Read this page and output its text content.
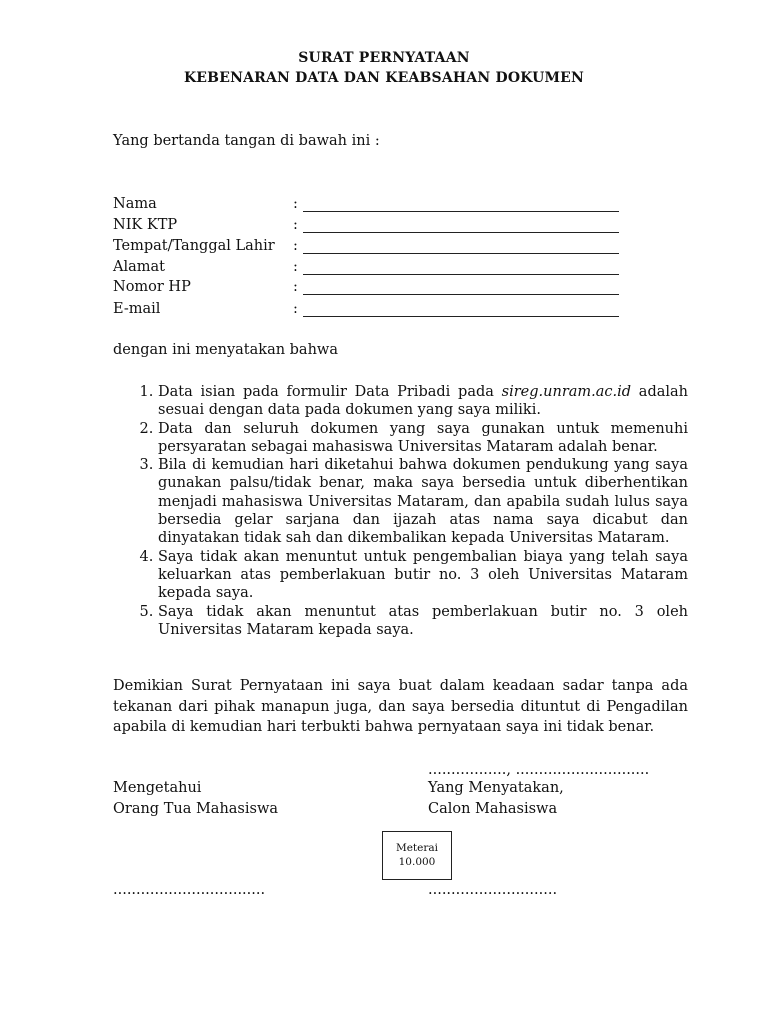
SURAT PERNYATAAN
KEBENARAN DATA DAN KEABSAHAN DOKUMEN
Yang bertanda tangan di bawah ini :
Nama	:
NIK KTP	:
Tempat/Tanggal Lahir :
Alamat	:
Nomor HP	:
E-mail	:
dengan ini menyatakan bahwa
1. Data isian pada formulir Data Pribadi pada sireg.unram.ac.id adalah sesuai dengan data pada dokumen yang saya miliki.
2. Data dan seluruh dokumen yang saya gunakan untuk memenuhi persyaratan sebagai mahasiswa Universitas Mataram adalah benar.
3. Bila di kemudian hari diketahui bahwa dokumen pendukung yang saya gunakan palsu/tidak benar, maka saya bersedia untuk diberhentikan menjadi mahasiswa Universitas Mataram, dan apabila sudah lulus saya bersedia gelar sarjana dan ijazah atas nama saya dicabut dan dinyatakan tidak sah dan dikembalikan kepada Universitas Mataram.
4. Saya tidak akan menuntut untuk pengembalian biaya yang telah saya keluarkan atas pemberlakuan butir no. 3 oleh Universitas Mataram kepada saya.
5. Saya tidak akan menuntut atas pemberlakuan butir no. 3 oleh Universitas Mataram kepada saya.
Demikian Surat Pernyataan ini saya buat dalam keadaan sadar tanpa ada tekanan dari pihak manapun juga, dan saya bersedia dituntut di Pengadilan apabila di kemudian hari terbukti bahwa pernyataan saya ini tidak benar.
................., .............................
Mengetahui
Orang Tua Mahasiswa
Yang Menyatakan,
Calon Mahasiswa
Meterai
10.000
.................................	............................
